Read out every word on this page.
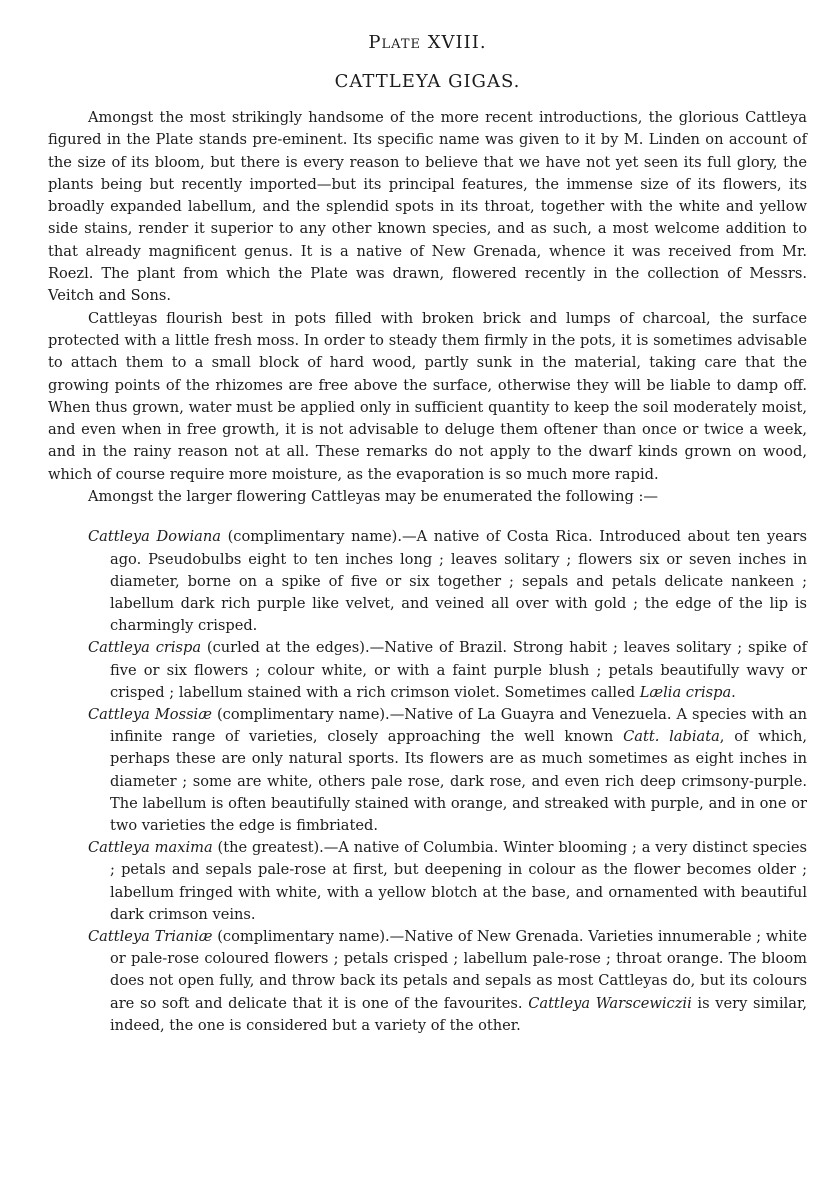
Plate XVIII.
CATTLEYA GIGAS.

Amongst the most strikingly handsome of the more recent introductions, the glorious Cattleya figured in the Plate stands pre-eminent. Its specific name was given to it by M. Linden on account of the size of its bloom, but there is every reason to believe that we have not yet seen its full glory, the plants being but recently imported—but its principal features, the immense size of its flowers, its broadly expanded labellum, and the splendid spots in its throat, together with the white and yellow side stains, render it superior to any other known species, and as such, a most welcome addition to that already magnificent genus. It is a native of New Grenada, whence it was received from Mr. Roezl. The plant from which the Plate was drawn, flowered recently in the collection of Messrs. Veitch and Sons.

Cattleyas flourish best in pots filled with broken brick and lumps of charcoal, the surface protected with a little fresh moss. In order to steady them firmly in the pots, it is sometimes advisable to attach them to a small block of hard wood, partly sunk in the material, taking care that the growing points of the rhizomes are free above the surface, otherwise they will be liable to damp off. When thus grown, water must be applied only in sufficient quantity to keep the soil moderately moist, and even when in free growth, it is not advisable to deluge them oftener than once or twice a week, and in the rainy reason not at all. These remarks do not apply to the dwarf kinds grown on wood, which of course require more moisture, as the evaporation is so much more rapid.

Amongst the larger flowering Cattleyas may be enumerated the following :—

Cattleya Dowiana (complimentary name).—A native of Costa Rica. Introduced about ten years ago. Pseudobulbs eight to ten inches long ; leaves solitary ; flowers six or seven inches in diameter, borne on a spike of five or six together ; sepals and petals delicate nankeen ; labellum dark rich purple like velvet, and veined all over with gold ; the edge of the lip is charmingly crisped.

Cattleya crispa (curled at the edges).—Native of Brazil. Strong habit ; leaves solitary ; spike of five or six flowers ; colour white, or with a faint purple blush ; petals beautifully wavy or crisped ; labellum stained with a rich crimson violet. Sometimes called Lælia crispa.

Cattleya Mossiæ (complimentary name).—Native of La Guayra and Venezuela. A species with an infinite range of varieties, closely approaching the well known Catt. labiata, of which, perhaps these are only natural sports. Its flowers are as much sometimes as eight inches in diameter ; some are white, others pale rose, dark rose, and even rich deep crimsony-purple. The labellum is often beautifully stained with orange, and streaked with purple, and in one or two varieties the edge is fimbriated.

Cattleya maxima (the greatest).—A native of Columbia. Winter blooming ; a very distinct species ; petals and sepals pale-rose at first, but deepening in colour as the flower becomes older ; labellum fringed with white, with a yellow blotch at the base, and ornamented with beautiful dark crimson veins.

Cattleya Trianiæ (complimentary name).—Native of New Grenada. Varieties innumerable ; white or pale-rose coloured flowers ; petals crisped ; labellum pale-rose ; throat orange. The bloom does not open fully, and throw back its petals and sepals as most Cattleyas do, but its colours are so soft and delicate that it is one of the favourites. Cattleya Warscewiczii is very similar, indeed, the one is considered but a variety of the other.
